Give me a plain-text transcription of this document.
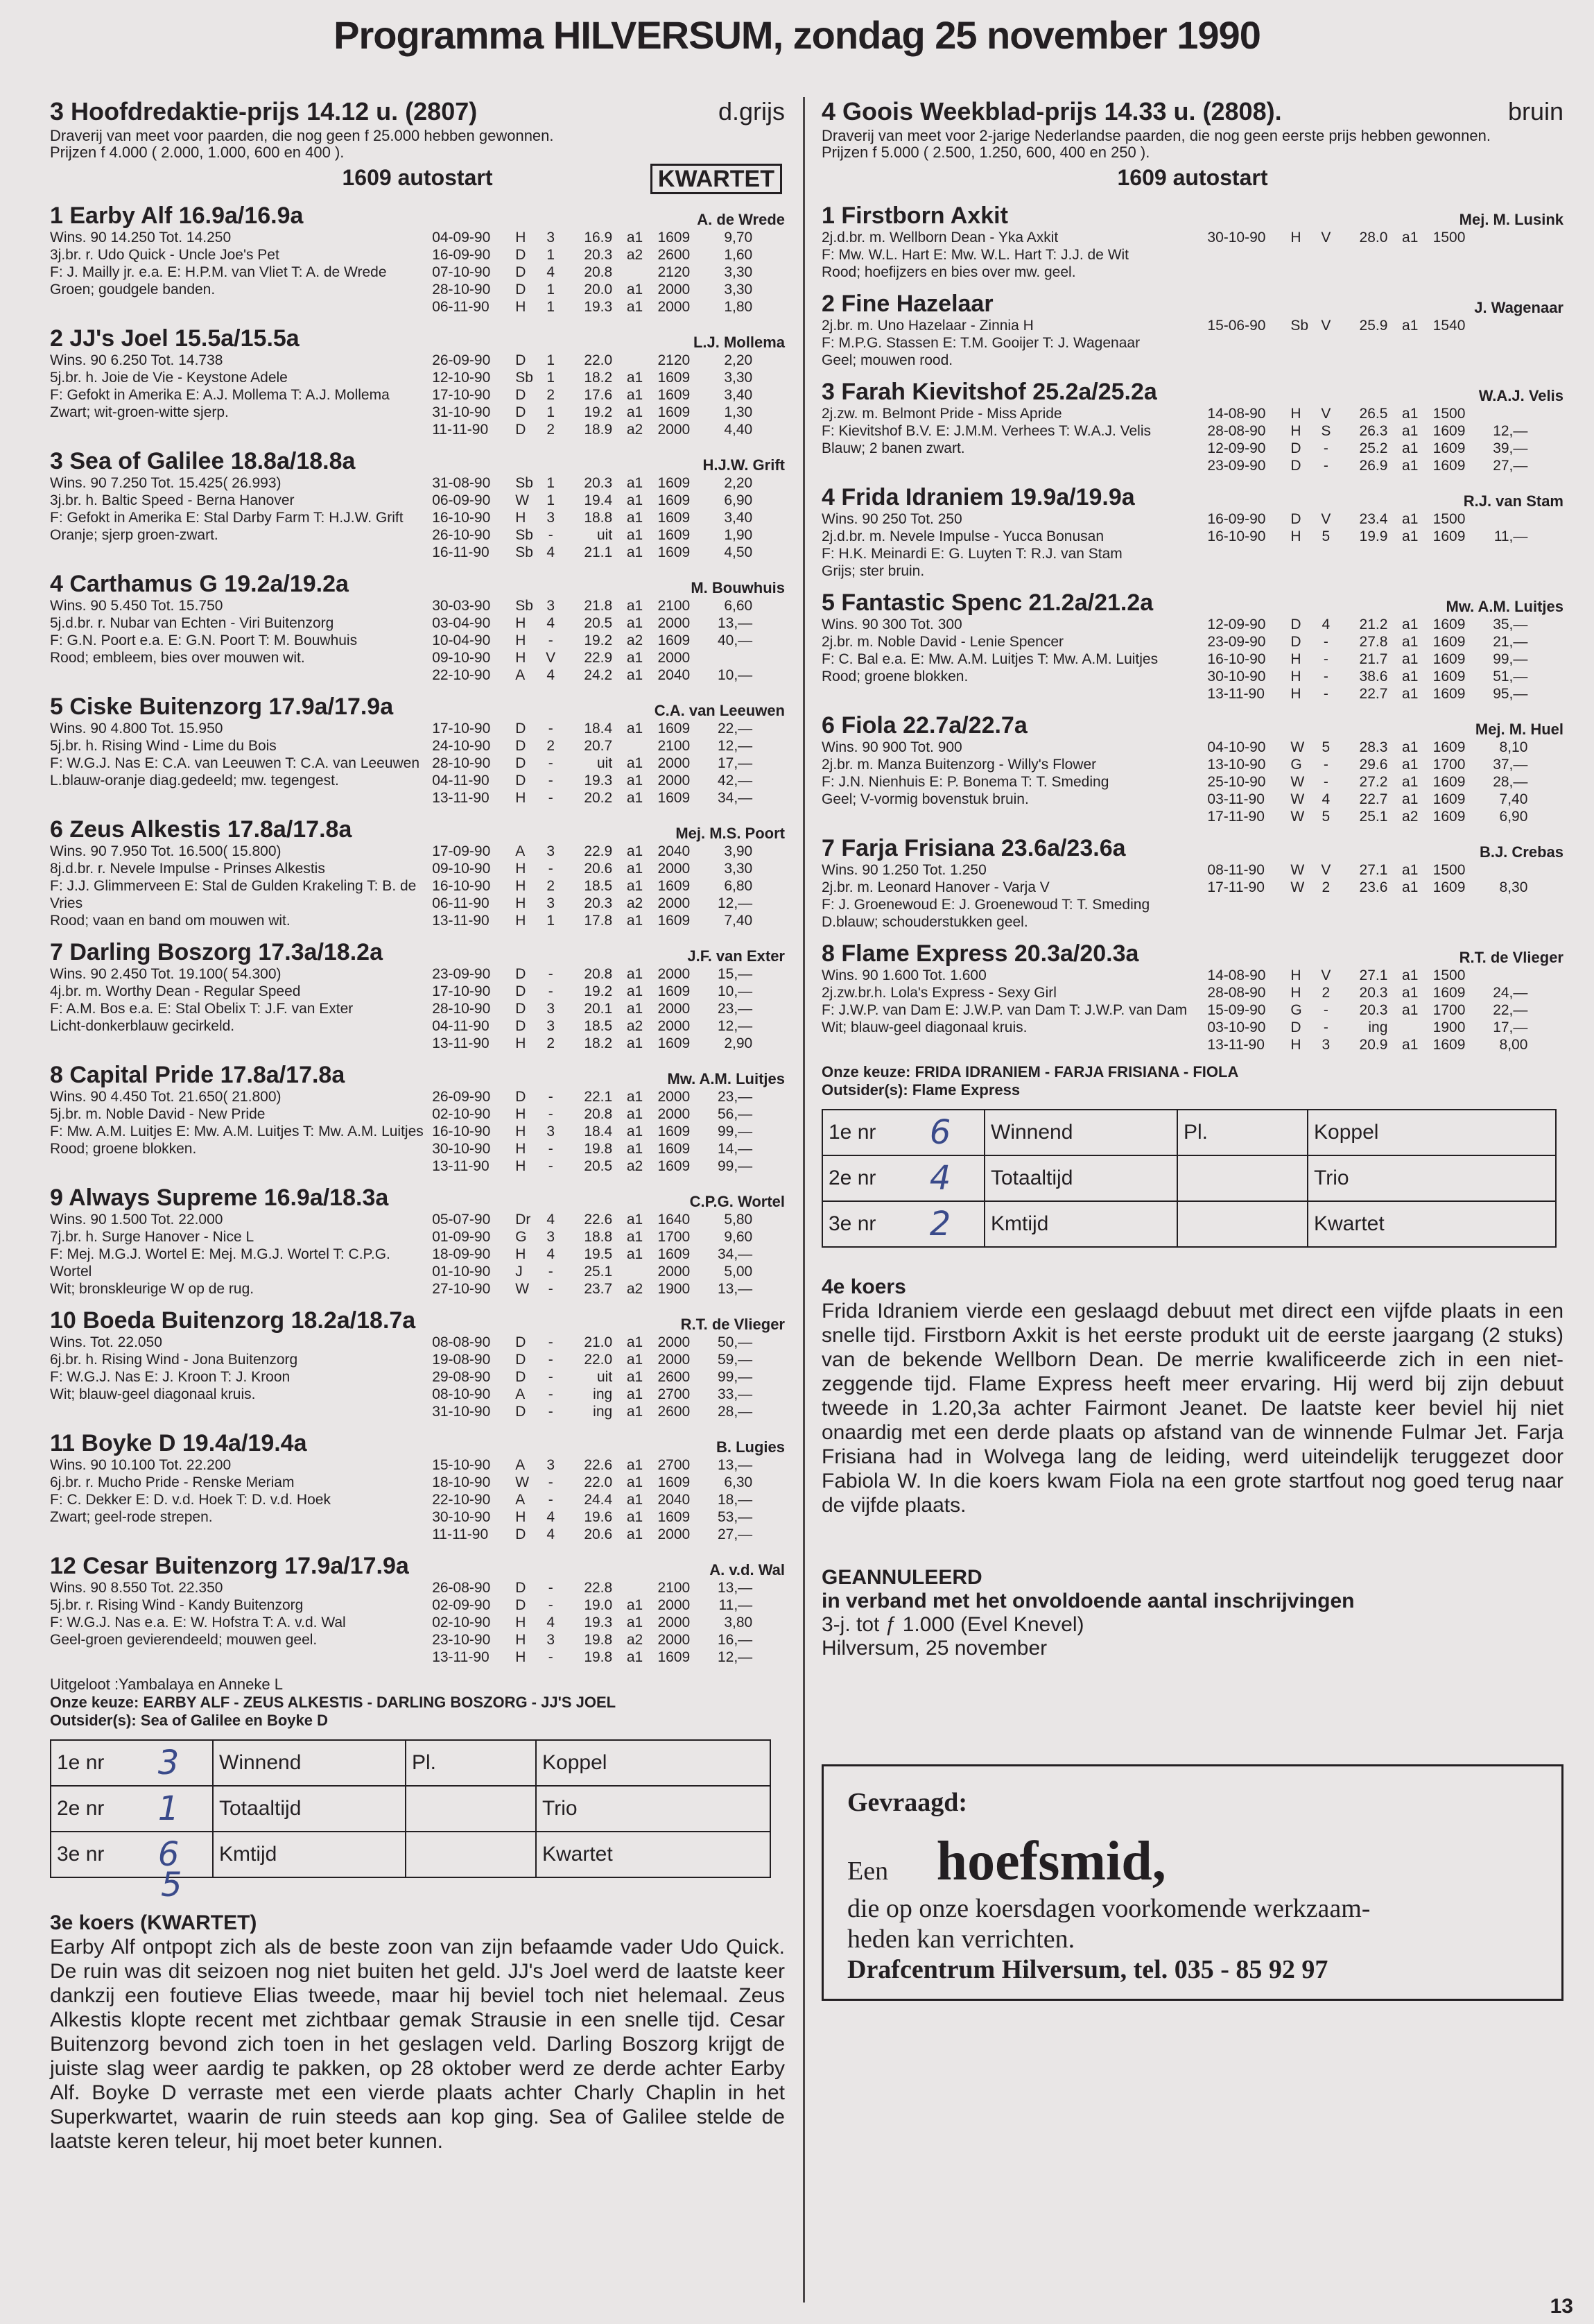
Programma HILVERSUM, zondag 25 november 1990
3 Hoofdredaktie-prijs 14.12 u. (2807)	d.grijs
Draverij van meet voor paarden, die nog geen f 25.000 hebben gewonnen.
Prijzen f 4.000 ( 2.000, 1.000, 600 en 400 ).
1609 autostart	KWARTET
1 Earby Alf 16.9a/16.9a	A. de Wrede
Wins. 90 14.250 Tot. 14.250
3j.br. r. Udo Quick - Uncle Joe's Pet
F: J. Mailly jr. e.a. E: H.P.M. van Vliet T: A. de Wrede
Groen; goudgele banden.
04-09-90	H	3	16.9 a1	1609	9,70
16-09-90	D	1	20.3 a2	2600	1,60
07-10-90	D	4	20.8	2120	3,30
28-10-90	D	1	20.0 a1	2000	3,30
06-11-90	H	1	19.3 a1	2000	1,80
2 JJ's Joel 15.5a/15.5a	L.J. Mollema
Wins. 90 6.250 Tot. 14.738
5j.br. h. Joie de Vie - Keystone Adele
F: Gefokt in Amerika E: A.J. Mollema T: A.J. Mollema
Zwart; wit-groen-witte sjerp.
26-09-90	D	1	22.0	2120	2,20
12-10-90	Sb 1	18.2 a1	1609	3,30
17-10-90	D	2	17.6 a1	1609	3,40
31-10-90	D	1	19.2 a1	1609	1,30
11-11-90	D	2	18.9 a2	2000	4,40
3 Sea of Galilee 18.8a/18.8a	H.J.W. Grift
Wins. 90 7.250 Tot. 15.425( 26.993)
3j.br. h. Baltic Speed - Berna Hanover
F: Gefokt in Amerika E: Stal Darby Farm T: H.J.W. Grift
Oranje; sjerp groen-zwart.
31-08-90	Sb 1	20.3 a1	1609	2,20
06-09-90	W	1	19.4 a1	1609	6,90
16-10-90	H	3	18.8 a1	1609	3,40
26-10-90	Sb	-	uit a1	1609	1,90
16-11-90	Sb 4	21.1 a1	1609	4,50
4 Carthamus G 19.2a/19.2a	M. Bouwhuis
Wins. 90 5.450 Tot. 15.750
5j.d.br. r. Nubar van Echten - Viri Buitenzorg
F: G.N. Poort e.a. E: G.N. Poort T: M. Bouwhuis
Rood; embleem, bies over mouwen wit.
30-03-90	Sb 3	21.8 a1	2100	6,60
03-04-90	H	4	20.5 a1	2000	13,—
10-04-90	H	-	19.2 a2	1609	40,—
09-10-90	H	V	22.9 a1	2000
22-10-90	A	4	24.2 a1	2040	10,—
5 Ciske Buitenzorg 17.9a/17.9a	C.A. van Leeuwen
Wins. 90 4.800 Tot. 15.950
5j.br. h. Rising Wind - Lime du Bois
F: W.G.J. Nas E: C.A. van Leeuwen T: C.A. van Leeuwen
L.blauw-oranje diag.gedeeld; mw. tegengest.
17-10-90	D	-	18.4 a1	1609	22,—
24-10-90	D	2	20.7	2100	12,—
28-10-90	D	-	uit a1	2000	17,—
04-11-90	D	-	19.3 a1	2000	42,—
13-11-90	H	-	20.2 a1	1609	34,—
6 Zeus Alkestis 17.8a/17.8a	Mej. M.S. Poort
Wins. 90 7.950 Tot. 16.500( 15.800)
8j.d.br. r. Nevele Impulse - Prinses Alkestis
F: J.J. Glimmerveen E: Stal de Gulden Krakeling T: B. de Vries
Rood; vaan en band om mouwen wit.
17-09-90	A	3	22.9 a1	2040	3,90
09-10-90	H	-	20.6 a1	2000	3,30
16-10-90	H	2	18.5 a1	1609	6,80
06-11-90	H	3	20.3 a2	2000	12,—
13-11-90	H	1	17.8 a1	1609	7,40
7 Darling Boszorg 17.3a/18.2a	J.F. van Exter
Wins. 90 2.450 Tot. 19.100( 54.300)
4j.br. m. Worthy Dean - Regular Speed
F: A.M. Bos e.a. E: Stal Obelix T: J.F. van Exter
Licht-donkerblauw gecirkeld.
23-09-90	D	-	20.8 a1	2000	15,—
17-10-90	D	-	19.2 a1	1609	10,—
28-10-90	D	3	20.1 a1	2000	23,—
04-11-90	D	3	18.5 a2	2000	12,—
13-11-90	H	2	18.2 a1	1609	2,90
8 Capital Pride 17.8a/17.8a	Mw. A.M. Luitjes
Wins. 90 4.450 Tot. 21.650( 21.800)
5j.br. m. Noble David - New Pride
F: Mw. A.M. Luitjes E: Mw. A.M. Luitjes T: Mw. A.M. Luitjes
Rood; groene blokken.
26-09-90	D	-	22.1 a1	2000	23,—
02-10-90	H	-	20.8 a1	2000	56,—
16-10-90	H	3	18.4 a1	1609	99,—
30-10-90	H	-	19.8 a1	1609	14,—
13-11-90	H	-	20.5 a2	1609	99,—
9 Always Supreme 16.9a/18.3a	C.P.G. Wortel
Wins. 90 1.500 Tot. 22.000
7j.br. h. Surge Hanover - Nice L
F: Mej. M.G.J. Wortel E: Mej. M.G.J. Wortel T: C.P.G. Wortel
Wit; bronskleurige W op de rug.
05-07-90	Dr	4	22.6 a1	1640	5,80
01-09-90	G	3	18.8 a1	1700	9,60
18-09-90	H	4	19.5 a1	1609	34,—
01-10-90	J	-	25.1	2000	5,00
27-10-90	W	-	23.7 a2	1900	13,—
10 Boeda Buitenzorg 18.2a/18.7a	R.T. de Vlieger
Wins. Tot. 22.050
6j.br. h. Rising Wind - Jona Buitenzorg
F: W.G.J. Nas E: J. Kroon T: J. Kroon
Wit; blauw-geel diagonaal kruis.
08-08-90	D	-	21.0 a1	2000	50,—
19-08-90	D	-	22.0 a1	2000	59,—
29-08-90	D	-	uit a1	2600	99,—
08-10-90	A	-	ing a1	2700	33,—
31-10-90	D	-	ing a1	2600	28,—
11 Boyke D 19.4a/19.4a	B. Lugies
Wins. 90 10.100 Tot. 22.200
6j.br. r. Mucho Pride - Renske Meriam
F: C. Dekker E: D. v.d. Hoek T: D. v.d. Hoek
Zwart; geel-rode strepen.
15-10-90	A	3	22.6 a1	2700	13,—
18-10-90	W	-	22.0 a1	1609	6,30
22-10-90	A	-	24.4 a1	2040	18,—
30-10-90	H	4	19.6 a1	1609	53,—
11-11-90	D	4	20.6 a1	2000	27,—
12 Cesar Buitenzorg 17.9a/17.9a	A. v.d. Wal
Wins. 90 8.550 Tot. 22.350
5j.br. r. Rising Wind - Kandy Buitenzorg
F: W.G.J. Nas e.a. E: W. Hofstra T: A. v.d. Wal
Geel-groen gevierendeeld; mouwen geel.
26-08-90	D	-	22.8	2100	13,—
02-09-90	D	-	19.0 a1	2000	11,—
02-10-90	H	4	19.3 a1	2000	3,80
23-10-90	H	3	19.8 a2	2000	16,—
13-11-90	H	-	19.8 a1	1609	12,—
Uitgeloot :Yambalaya en Anneke L
Onze keuze: EARBY ALF - ZEUS ALKESTIS - DARLING BOSZORG - JJ'S JOEL
Outsider(s): Sea of Galilee en Boyke D
1e nr	3	Winnend	Pl.	Koppel
2e nr	1	Totaaltijd		Trio
3e nr	6	Kmtijd		Kwartet
5
3e koers (KWARTET)
Earby Alf ontpopt zich als de beste zoon van zijn befaamde vader Udo Quick. De ruin was dit seizoen nog niet buiten het geld. JJ's Joel werd de laatste keer dankzij een foutieve Elias tweede, maar hij beviel toch niet helemaal. Zeus Alkestis klopte recent met zichtbaar gemak Strausie in een snelle tijd. Cesar Buitenzorg bevond zich toen in het geslagen veld. Darling Boszorg krijgt de juiste slag weer aardig te pakken, op 28 oktober werd ze derde achter Earby Alf. Boyke D verraste met een vierde plaats achter Charly Chaplin in het Superkwartet, waarin de ruin steeds aan kop ging. Sea of Galilee stelde de laatste keren teleur, hij moet beter kunnen.
4 Goois Weekblad-prijs 14.33 u. (2808).	bruin
Draverij van meet voor 2-jarige Nederlandse paarden, die nog geen eerste prijs hebben gewonnen.
Prijzen f 5.000 ( 2.500, 1.250, 600, 400 en 250 ).
1609 autostart
1 Firstborn Axkit	Mej. M. Lusink
2j.d.br. m. Wellborn Dean - Yka Axkit
F: Mw. W.L. Hart E: Mw. W.L. Hart T: J.J. de Wit
Rood; hoefijzers en bies over mw. geel.
30-10-90	H	V	28.0 a1	1500
2 Fine Hazelaar	J. Wagenaar
2j.br. m. Uno Hazelaar - Zinnia H
F: M.P.G. Stassen E: T.M. Gooijer T: J. Wagenaar
Geel; mouwen rood.
15-06-90	Sb V	25.9 a1	1540
3 Farah Kievitshof 25.2a/25.2a	W.A.J. Velis
2j.zw. m. Belmont Pride - Miss Apride
F: Kievitshof B.V. E: J.M.M. Verhees T: W.A.J. Velis
Blauw; 2 banen zwart.
14-08-90	H	V	26.5 a1	1500
28-08-90	H	S	26.3 a1	1609	12,—
12-09-90	D	-	25.2 a1	1609	39,—
23-09-90	D	-	26.9 a1	1609	27,—
4 Frida Idraniem 19.9a/19.9a	R.J. van Stam
Wins. 90 250 Tot. 250
2j.d.br. m. Nevele Impulse - Yucca Bonusan
F: H.K. Meinardi E: G. Luyten T: R.J. van Stam
Grijs; ster bruin.
16-09-90	D	V	23.4 a1	1500
16-10-90	H	5	19.9 a1	1609	11,—
5 Fantastic Spenc 21.2a/21.2a	Mw. A.M. Luitjes
Wins. 90 300 Tot. 300
2j.br. m. Noble David - Lenie Spencer
F: C. Bal e.a. E: Mw. A.M. Luitjes T: Mw. A.M. Luitjes
Rood; groene blokken.
12-09-90	D	4	21.2 a1	1609	35,—
23-09-90	D	-	27.8 a1	1609	21,—
16-10-90	H	-	21.7 a1	1609	99,—
30-10-90	H	-	38.6 a1	1609	51,—
13-11-90	H	-	22.7 a1	1609	95,—
6 Fiola 22.7a/22.7a	Mej. M. Huel
Wins. 90 900 Tot. 900
2j.br. m. Manza Buitenzorg - Willy's Flower
F: J.N. Nienhuis E: P. Bonema T: T. Smeding
Geel; V-vormig bovenstuk bruin.
04-10-90	W	5	28.3 a1	1609	8,10
13-10-90	G	-	29.6 a1	1700	37,—
25-10-90	W	-	27.2 a1	1609	28,—
03-11-90	W	4	22.7 a1	1609	7,40
17-11-90	W	5	25.1 a2	1609	6,90
7 Farja Frisiana 23.6a/23.6a	B.J. Crebas
Wins. 90 1.250 Tot. 1.250
2j.br. m. Leonard Hanover - Varja V
F: J. Groenewoud E: J. Groenewoud T: T. Smeding
D.blauw; schouderstukken geel.
08-11-90	W	V	27.1 a1	1500
17-11-90	W	2	23.6 a1	1609	8,30
8 Flame Express 20.3a/20.3a	R.T. de Vlieger
Wins. 90 1.600 Tot. 1.600
2j.zw.br.h. Lola's Express - Sexy Girl
F: J.W.P. van Dam E: J.W.P. van Dam T: J.W.P. van Dam
Wit; blauw-geel diagonaal kruis.
14-08-90	H	V	27.1 a1	1500
28-08-90	H	2	20.3 a1	1609	24,—
15-09-90	G	-	20.3 a1	1700	22,—
03-10-90	D	-	ing	1900	17,—
13-11-90	H	3	20.9 a1	1609	8,00
Onze keuze: FRIDA IDRANIEM - FARJA FRISIANA - FIOLA
Outsider(s): Flame Express
1e nr	6	Winnend	Pl.	Koppel
2e nr	4	Totaaltijd		Trio
3e nr	2	Kmtijd		Kwartet
4e koers
Frida Idraniem vierde een geslaagd debuut met direct een vijfde plaats in een snelle tijd. Firstborn Axkit is het eerste produkt uit de eerste jaargang (2 stuks) van de bekende Wellborn Dean. De merrie kwalificeerde zich in een nietzeggende tijd. Flame Express heeft meer ervaring. Hij werd bij zijn debuut tweede in 1.20,3a achter Fairmont Jeanet. De laatste keer beviel hij niet onaardig met een derde plaats op afstand van de winnende Fulmar Jet. Farja Frisiana had in Wolvega lang de leiding, werd uiteindelijk teruggezet door Fabiola W. In die koers kwam Fiola na een grote startfout nog goed terug naar de vijfde plaats.
GEANNULEERD
in verband met het onvoldoende aantal inschrijvingen
3-j. tot ƒ 1.000 (Evel Knevel)
Hilversum, 25 november
Gevraagd:
Een hoefsmid,
die op onze koersdagen voorkomende werkzaam-
heden kan verrichten.
Drafcentrum Hilversum, tel. 035 - 85 92 97
13
